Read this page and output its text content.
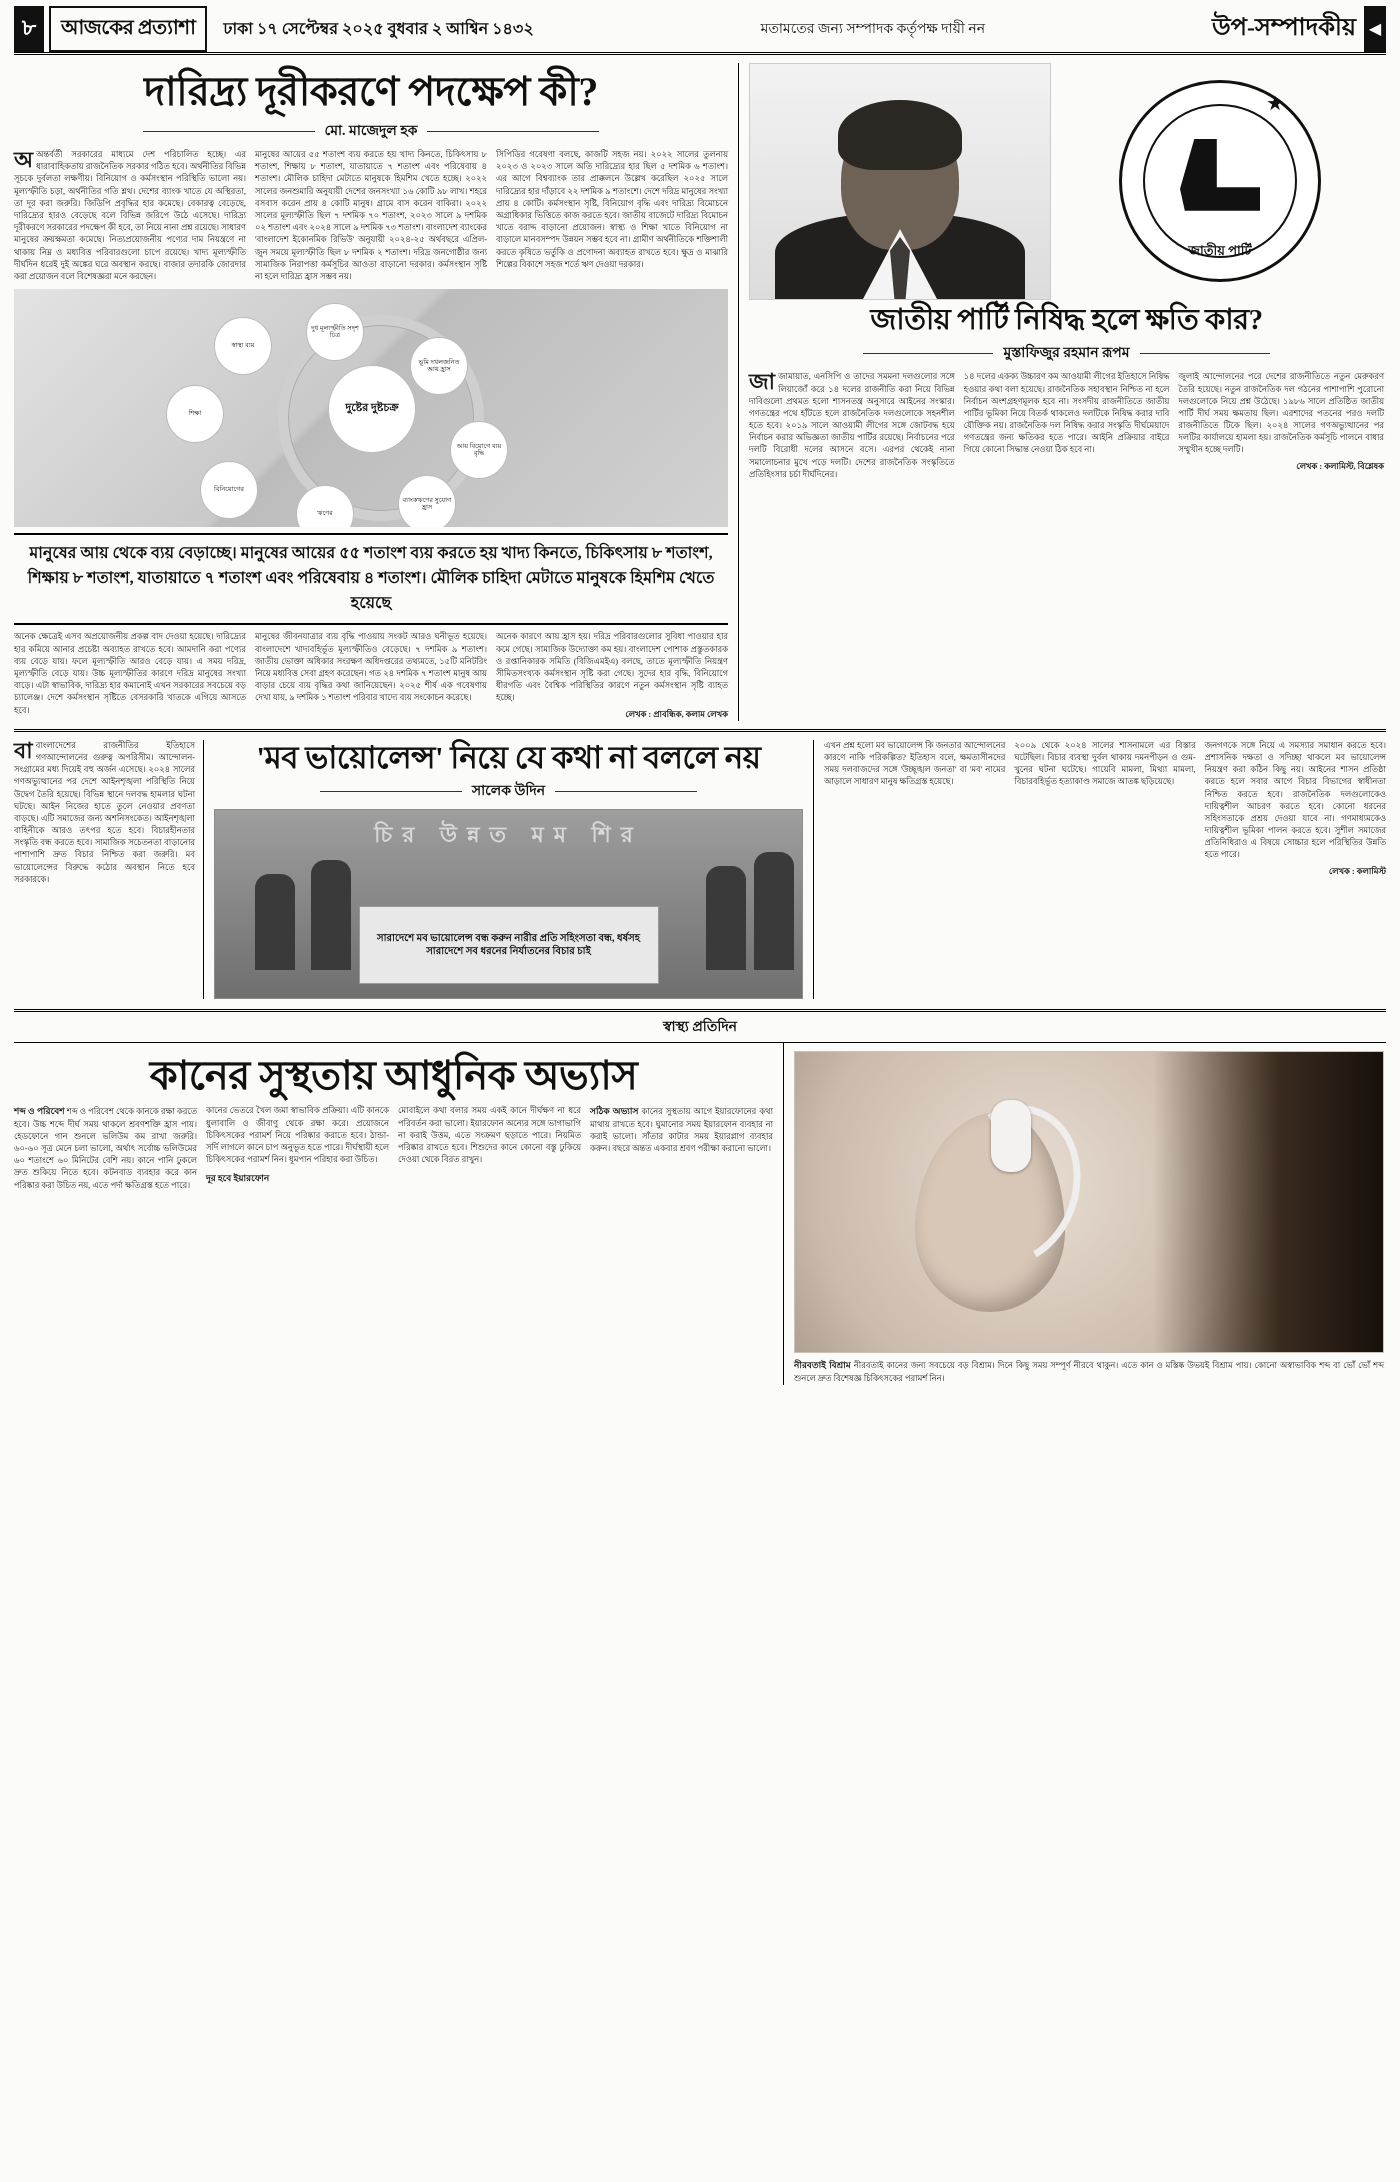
৮	আজকের প্রত্যাশা ঢাকা ১৭ সেপ্টেম্বর ২০২৫ বুধবার ২ আশ্বিন ১৪৩২	মতামতের জন্য সম্পাদক কর্তৃপক্ষ দায়ী নন	উপ-সম্পাদকীয় ◀
দারিদ্র্য দূরীকরণে পদক্ষেপ কী?
মো. মাজেদুল হক
অঅন্তর্বর্তী সরকারের মাধ্যমে দেশ পরিচালিত হচ্ছে। এর ধারাবাহিকতায় রাজনৈতিক সরকার গঠিত হবে। অর্থনীতির বিভিন্ন সূচকে দুর্বলতা লক্ষণীয়। বিনিয়োগ ও কর্মসংস্থান পরিস্থিতি ভালো নয়। মূল্যস্ফীতি চড়া, অর্থনীতির গতি শ্লথ। দেশের ব্যাংক খাতে যে অস্থিরতা, তা দূর করা জরুরি। জিডিপি প্রবৃদ্ধির হার কমেছে। বেকারত্ব বেড়েছে, দারিদ্র্যের হারও বেড়েছে বলে বিভিন্ন জরিপে উঠে এসেছে। দারিদ্র্য দূরীকরণে সরকারের পদক্ষেপ কী হবে, তা নিয়ে নানা প্রশ্ন রয়েছে। সাধারণ মানুষের ক্রয়ক্ষমতা কমেছে। নিত্যপ্রয়োজনীয় পণ্যের দাম নিয়ন্ত্রণে না থাকায় নিম্ন ও মধ্যবিত্ত পরিবারগুলো চাপে রয়েছে। খাদ্য মূল্যস্ফীতি দীর্ঘদিন ধরেই দুই অঙ্কের ঘরে অবস্থান করছে। বাজার তদারকি জোরদার করা প্রয়োজন বলে বিশেষজ্ঞরা মনে করছেন।
মানুষের আয়ের ৫৫ শতাংশ ব্যয় করতে হয় খাদ্য কিনতে, চিকিৎসায় ৮ শতাংশ, শিক্ষায় ৮ শতাংশ, যাতায়াতে ৭ শতাংশ এবং পরিষেবায় ৪ শতাংশ। মৌলিক চাহিদা মেটাতে মানুষকে হিমশিম খেতে হচ্ছে। ২০২২ সালের জনশুমারি অনুযায়ী দেশের জনসংখ্যা ১৬ কোটি ৯৮ লাখ। শহরে বসবাস করেন প্রায় ৪ কোটি মানুষ। গ্রামে বাস করেন বাকিরা। ২০২২ সালের মূল্যস্ফীতি ছিল ৭ দশমিক ৭০ শতাংশ, ২০২৩ সালে ৯ দশমিক ০২ শতাংশ এবং ২০২৪ সালে ৯ দশমিক ৭৩ শতাংশ। বাংলাদেশ ব্যাংকের 'বাংলাদেশ ইকোনমিক রিভিউ' অনুযায়ী ২০২৪-২৫ অর্থবছরে এপ্রিল-জুন সময়ে মূল্যস্ফীতি ছিল ৮ দশমিক ২ শতাংশ। দরিদ্র জনগোষ্ঠীর জন্য সামাজিক নিরাপত্তা কর্মসূচির আওতা বাড়ানো দরকার। কর্মসংস্থান সৃষ্টি না হলে দারিদ্র্য হ্রাস সম্ভব নয়।
সিপিডির গবেষণা বলছে, কাজটি সহজ নয়। ২০২২ সালের তুলনায় ২০২৩ ও ২০২৩ সালে অতি দারিদ্র্যের হার ছিল ৫ দশমিক ৬ শতাংশ। এর আগে বিশ্বব্যাংক তার প্রাক্কলনে উল্লেখ করেছিল ২০২৫ সালে দারিদ্র্যের হার দাঁড়াবে ২২ দশমিক ৯ শতাংশে। দেশে দরিদ্র মানুষের সংখ্যা প্রায় ৪ কোটি। কর্মসংস্থান সৃষ্টি, বিনিয়োগ বৃদ্ধি এবং দারিদ্র্য বিমোচনে অগ্রাধিকার ভিত্তিতে কাজ করতে হবে। জাতীয় বাজেটে দারিদ্র্য বিমোচন খাতে বরাদ্দ বাড়ানো প্রয়োজন। স্বাস্থ্য ও শিক্ষা খাতে বিনিয়োগ না বাড়ালে মানবসম্পদ উন্নয়ন সম্ভব হবে না। গ্রামীণ অর্থনীতিকে শক্তিশালী করতে কৃষিতে ভর্তুকি ও প্রণোদনা অব্যাহত রাখতে হবে। ক্ষুদ্র ও মাঝারি শিল্পের বিকাশে সহজ শর্তে ঋণ দেওয়া দরকার।
দুষ্টের দুষ্টচক্র
দুধ মূল্যস্ফীতি সদৃশ চিত্র
ভূমি দখলজনিত আয় হ্রাস
আয় বিয়োগে ব্যয় বৃদ্ধি
ব্যাংকঋণের সুযোগ হ্রাস
ঋণের
বিনিয়োগের
শিক্ষা
স্বাস্থ্য ব্যয়
মানুষের আয় থেকে ব্যয় বেড়াচ্ছে। মানুষের আয়ের ৫৫ শতাংশ ব্যয় করতে হয় খাদ্য কিনতে, চিকিৎসায় ৮ শতাংশ, শিক্ষায় ৮ শতাংশ, যাতায়াতে ৭ শতাংশ এবং পরিষেবায় ৪ শতাংশ। মৌলিক চাহিদা মেটাতে মানুষকে হিমশিম খেতে হয়েছে
অনেক ক্ষেত্রেই এসব অপ্রয়োজনীয় প্রকল্প বাদ দেওয়া হয়েছে। দারিদ্র্যের হার কমিয়ে আনার প্রচেষ্টা অব্যাহত রাখতে হবে। আমদানি করা পণ্যের ব্যয় বেড়ে যায়। ফলে মূল্যস্ফীতি আরও বেড়ে যায়। এ সময় দরিদ্র, মূল্যস্ফীতি বেড়ে যায়। উচ্চ মূল্যস্ফীতির কারণে দরিদ্র মানুষের সংখ্যা বাড়ে। এটা স্বাভাবিক, দারিদ্র্য হার কমানোই এখন সরকারের সবচেয়ে বড় চ্যালেঞ্জ। দেশে কর্মসংস্থান সৃষ্টিতে বেসরকারি খাতকে এগিয়ে আসতে হবে।
মানুষের জীবনযাত্রার ব্যয় বৃদ্ধি পাওয়ায় সংকট আরও ঘনীভূত হয়েছে। বাংলাদেশে খাদ্যবহির্ভূত মূল্যস্ফীতিও বেড়েছে। ৭ দশমিক ৯ শতাংশ। জাতীয় ভোক্তা অধিকার সংরক্ষণ অধিদপ্তরের তথ্যমতে, ১৫টি মনিটরিং নিয়ে মধ্যবিত্ত সেবা গ্রহণ করেছেন। গত ২৪ দশমিক ৭ শতাংশ মানুষ আয় বাড়ার চেয়ে ব্যয় বৃদ্ধির কথা জানিয়েছেন। ২০২৫ শীর্ষ এক গবেষণায় দেখা যায়, ৯ দশমিক ১ শতাংশ পরিবার খাদ্যে ব্যয় সংকোচন করেছে।
অনেক কারণে আয় হ্রাস হয়। দরিদ্র পরিবারগুলোর সুবিধা পাওয়ার হার কমে গেছে। সামাজিক উদ্যোক্তা কম হয়। বাংলাদেশ পোশাক প্রস্তুতকারক ও রপ্তানিকারক সমিতি (বিজিএমইএ) বলছে, তাতে মূল্যস্ফীতি নিয়ন্ত্রণ সীমিতসংখ্যক কর্মসংস্থান সৃষ্টি করা গেছে। সুদের হার বৃদ্ধি, বিনিয়োগে ধীরগতি এবং বৈশ্বিক পরিস্থিতির কারণে নতুন কর্মসংস্থান সৃষ্টি ব্যাহত হচ্ছে।
লেখক : প্রাবন্ধিক, কলাম লেখক
★
জাতীয় পার্টি
জাতীয় পার্টি নিষিদ্ধ হলে ক্ষতি কার?
মুস্তাফিজুর রহমান রূপম
জাজামায়াত, এনসিপি ও তাদের সমমনা দলগুলোর সঙ্গে লিয়াজোঁ করে ১৪ দলের রাজনীতি করা নিয়ে বিভিন্ন দাবিগুলো প্রথমত হলো শাসনতন্ত্র অনুসারে আইনের সংস্কার। গণতন্ত্রের পথে হাঁটতে হলে রাজনৈতিক দলগুলোকে সহনশীল হতে হবে। ২০১৯ সালে আওয়ামী লীগের সঙ্গে জোটবদ্ধ হয়ে নির্বাচন করার অভিজ্ঞতা জাতীয় পার্টির রয়েছে। নির্বাচনের পরে দলটি বিরোধী দলের আসনে বসে। এরপর থেকেই নানা সমালোচনার মুখে পড়ে দলটি। দেশের রাজনৈতিক সংস্কৃতিতে প্রতিহিংসার চর্চা দীর্ঘদিনের।
১৪ দলের একক্য উচ্চারণ কম আওয়ামী লীগের ইতিহাসে নিষিদ্ধ হওয়ার কথা বলা হয়েছে। রাজনৈতিক সহাবস্থান নিশ্চিত না হলে নির্বাচন অংশগ্রহণমূলক হবে না। সংসদীয় রাজনীতিতে জাতীয় পার্টির ভূমিকা নিয়ে বিতর্ক থাকলেও দলটিকে নিষিদ্ধ করার দাবি যৌক্তিক নয়। রাজনৈতিক দল নিষিদ্ধ করার সংস্কৃতি দীর্ঘমেয়াদে গণতন্ত্রের জন্য ক্ষতিকর হতে পারে। আইনি প্রক্রিয়ার বাইরে গিয়ে কোনো সিদ্ধান্ত নেওয়া ঠিক হবে না।
জুলাই আন্দোলনের পরে দেশের রাজনীতিতে নতুন মেরুকরণ তৈরি হয়েছে। নতুন রাজনৈতিক দল গঠনের পাশাপাশি পুরোনো দলগুলোকে নিয়ে প্রশ্ন উঠেছে। ১৯৮৬ সালে প্রতিষ্ঠিত জাতীয় পার্টি দীর্ঘ সময় ক্ষমতায় ছিল। এরশাদের পতনের পরও দলটি রাজনীতিতে টিকে ছিল। ২০২৪ সালের গণঅভ্যুত্থানের পর দলটির কার্যালয়ে হামলা হয়। রাজনৈতিক কর্মসূচি পালনে বাধার সম্মুখীন হচ্ছে দলটি।
লেখক : কলামিস্ট, বিশ্লেষক
বাবাংলাদেশের রাজনীতির ইতিহাসে গণআন্দোলনের গুরুত্ব অপরিসীম। আন্দোলন-সংগ্রামের মধ্য দিয়েই বহু অর্জন এসেছে। ২০২৪ সালের গণঅভ্যুত্থানের পর দেশে আইনশৃঙ্খলা পরিস্থিতি নিয়ে উদ্বেগ তৈরি হয়েছে। বিভিন্ন স্থানে দলবদ্ধ হামলার ঘটনা ঘটছে। আইন নিজের হাতে তুলে নেওয়ার প্রবণতা বাড়ছে। এটি সমাজের জন্য অশনিসংকেত। আইনশৃঙ্খলা বাহিনীকে আরও তৎপর হতে হবে। বিচারহীনতার সংস্কৃতি বন্ধ করতে হবে। সামাজিক সচেতনতা বাড়ানোর পাশাপাশি দ্রুত বিচার নিশ্চিত করা জরুরি। মব ভায়োলেন্সের বিরুদ্ধে কঠোর অবস্থান নিতে হবে সরকারকে।
'মব ভায়োলেন্স' নিয়ে যে কথা না বললে নয়
সালেক উদিন
চির উন্নত মম শির
সারাদেশে মব ভায়োলেন্স বন্ধ করুন নারীর প্রতি সহিংসতা বন্ধ, ধর্ষসহ সারাদেশে সব ধরনের নির্যাতনের বিচার চাই
এখন প্রশ্ন হলো মব ভায়োলেন্স কি জনতার আন্দোলনের কারণে নাকি পরিকল্পিত? ইতিহাস বলে, ক্ষমতাসীনদের সময় দলবাজদের সঙ্গে 'উচ্ছৃঙ্খল জনতা' বা 'মব' নামের আড়ালে সাধারণ মানুষ ক্ষতিগ্রস্ত হয়েছে।
২০০৯ থেকে ২০২৪ সালের শাসনামলে এর বিস্তার ঘটেছিল। বিচার ব্যবস্থা দুর্বল থাকায় দমনপীড়ন ও গুম-খুনের ঘটনা ঘটেছে। গায়েবি মামলা, মিথ্যা মামলা, বিচারবহির্ভূত হত্যাকাণ্ড সমাজে আতঙ্ক ছড়িয়েছে।
জনগণকে সঙ্গে নিয়ে এ সমস্যার সমাধান করতে হবে। প্রশাসনিক দক্ষতা ও সদিচ্ছা থাকলে মব ভায়োলেন্স নিয়ন্ত্রণ করা কঠিন কিছু নয়। আইনের শাসন প্রতিষ্ঠা করতে হলে সবার আগে বিচার বিভাগের স্বাধীনতা নিশ্চিত করতে হবে। রাজনৈতিক দলগুলোকেও দায়িত্বশীল আচরণ করতে হবে। কোনো ধরনের সহিংসতাকে প্রশ্রয় দেওয়া যাবে না। গণমাধ্যমকেও দায়িত্বশীল ভূমিকা পালন করতে হবে। সুশীল সমাজের প্রতিনিধিরাও এ বিষয়ে সোচ্চার হলে পরিস্থিতির উন্নতি হতে পারে।
লেখক : কলামিস্ট
স্বাস্থ্য প্রতিদিন
কানের সুস্থতায় আধুনিক অভ্যাস
শব্দ ও পরিবেশ শব্দ ও পরিবেশ থেকে কানকে রক্ষা করতে হবে। উচ্চ শব্দে দীর্ঘ সময় থাকলে শ্রবণশক্তি হ্রাস পায়। হেডফোনে গান শুনলে ভলিউম কম রাখা জরুরি। ৬০-৬০ সূত্র মেনে চলা ভালো, অর্থাৎ সর্বোচ্চ ভলিউমের ৬০ শতাংশে ৬০ মিনিটের বেশি নয়। কানে পানি ঢুকলে দ্রুত শুকিয়ে নিতে হবে। কটনবাড ব্যবহার করে কান পরিষ্কার করা উচিত নয়, এতে পর্দা ক্ষতিগ্রস্ত হতে পারে।
কানের ভেতরে খৈল জমা স্বাভাবিক প্রক্রিয়া। এটি কানকে ধুলাবালি ও জীবাণু থেকে রক্ষা করে। প্রয়োজনে চিকিৎসকের পরামর্শ নিয়ে পরিষ্কার করাতে হবে। ঠান্ডা-সর্দি লাগলে কানে চাপ অনুভূত হতে পারে। দীর্ঘস্থায়ী হলে চিকিৎসকের পরামর্শ নিন। ধূমপান পরিহার করা উচিত।
দূর হবে ইয়ারফোন
মোবাইলে কথা বলার সময় একই কানে দীর্ঘক্ষণ না ধরে পরিবর্তন করা ভালো। ইয়ারফোন অন্যের সঙ্গে ভাগাভাগি না করাই উত্তম, এতে সংক্রমণ ছড়াতে পারে। নিয়মিত পরিষ্কার রাখতে হবে। শিশুদের কানে কোনো বস্তু ঢুকিয়ে দেওয়া থেকে বিরত রাখুন।
সঠিক অভ্যাস কানের সুস্থতায় আগে ইয়ারফোনের কথা মাথায় রাখতে হবে। ঘুমানোর সময় ইয়ারফোন ব্যবহার না করাই ভালো। সাঁতার কাটার সময় ইয়ারপ্লাগ ব্যবহার করুন। বছরে অন্তত একবার শ্রবণ পরীক্ষা করানো ভালো।
নীরবতাই বিশ্রাম নীরবতাই কানের জন্য সবচেয়ে বড় বিশ্রাম। দিনে কিছু সময় সম্পূর্ণ নীরবে থাকুন। এতে কান ও মস্তিষ্ক উভয়ই বিশ্রাম পায়। কোনো অস্বাভাবিক শব্দ বা ভোঁ ভোঁ শব্দ শুনলে দ্রুত বিশেষজ্ঞ চিকিৎসকের পরামর্শ নিন।
